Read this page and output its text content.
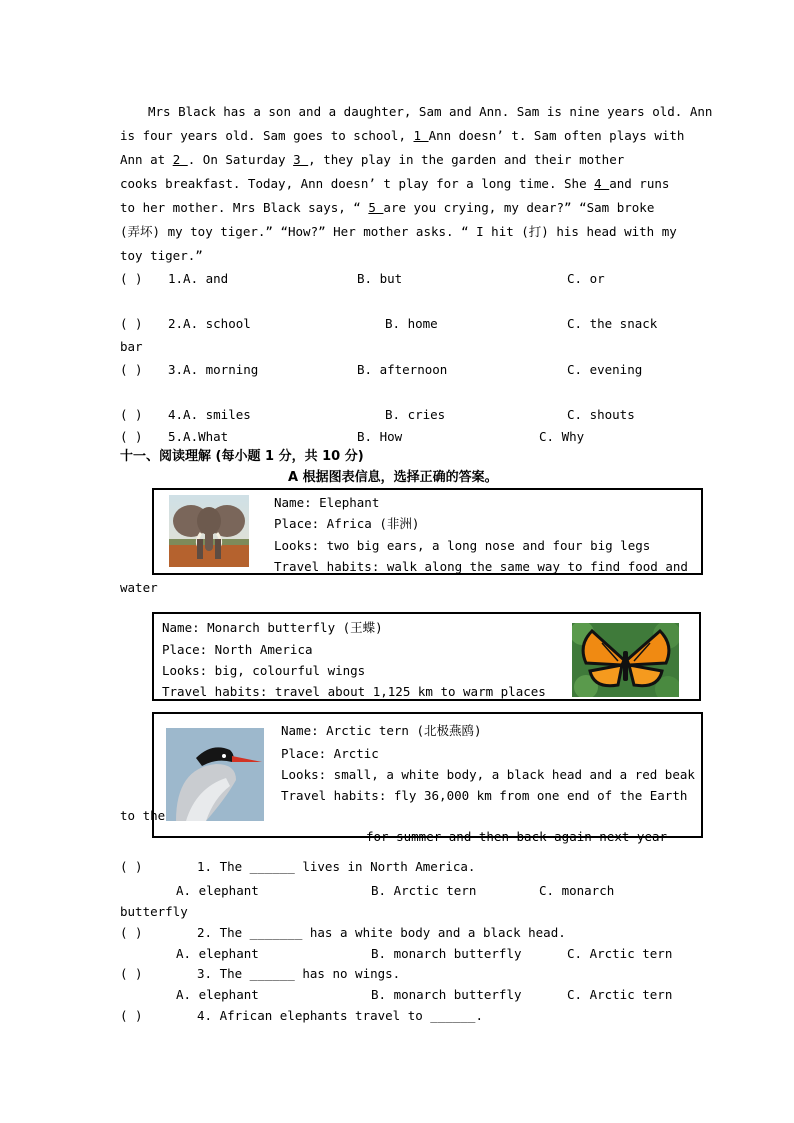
Mrs Black has a son and a daughter, Sam and Ann. Sam is nine years old. Ann
is four years old. Sam goes to school, 1 Ann doesn’ t. Sam often plays with
Ann at 2 . On Saturday 3 , they play in the garden and their mother
cooks breakfast. Today, Ann doesn’ t play for a long time. She 4 and runs
to her mother. Mrs Black says, “ 5 are you crying, my dear?” “Sam broke
(弄坏) my toy tiger.” “How?” Her mother asks. “ I hit (打) his head with my
toy tiger.”
( ) 1.A. and	B. but	C. or
( ) 2.A. school	B. home	C. the snack
bar
( ) 3.A. morning	B. afternoon	C. evening
( ) 4.A. smiles	B. cries	C. shouts
( ) 5.A.What	B. How	C. Why
十一、阅读理解 (每小题 1 分，共 10 分)
A 根据图表信息，选择正确的答案。
Name: Elephant
Place: Africa (非洲)
Looks: two big ears, a long nose and four big legs
Travel habits: walk along the same way to find food and
water
Name: Monarch butterfly (王蝶)
Place: North America
Looks: big, colourful wings
Travel habits: travel about 1,125 km to warm places
Name: Arctic tern (北极燕鸥)
Place: Arctic
Looks: small, a white body, a black head and a red beak
Travel habits: fly 36,000 km from one end of the Earth
for summer and then back again next year
to the
( )	1. The ______ lives in North America.
A. elephant	B. Arctic tern	C. monarch
butterfly
( )	2. The _______ has a white body and a black head.
A. elephant	B. monarch butterfly	C. Arctic tern
( )	3. The ______ has no wings.
A. elephant	B. monarch butterfly	C. Arctic tern
( )	4. African elephants travel to ______.
